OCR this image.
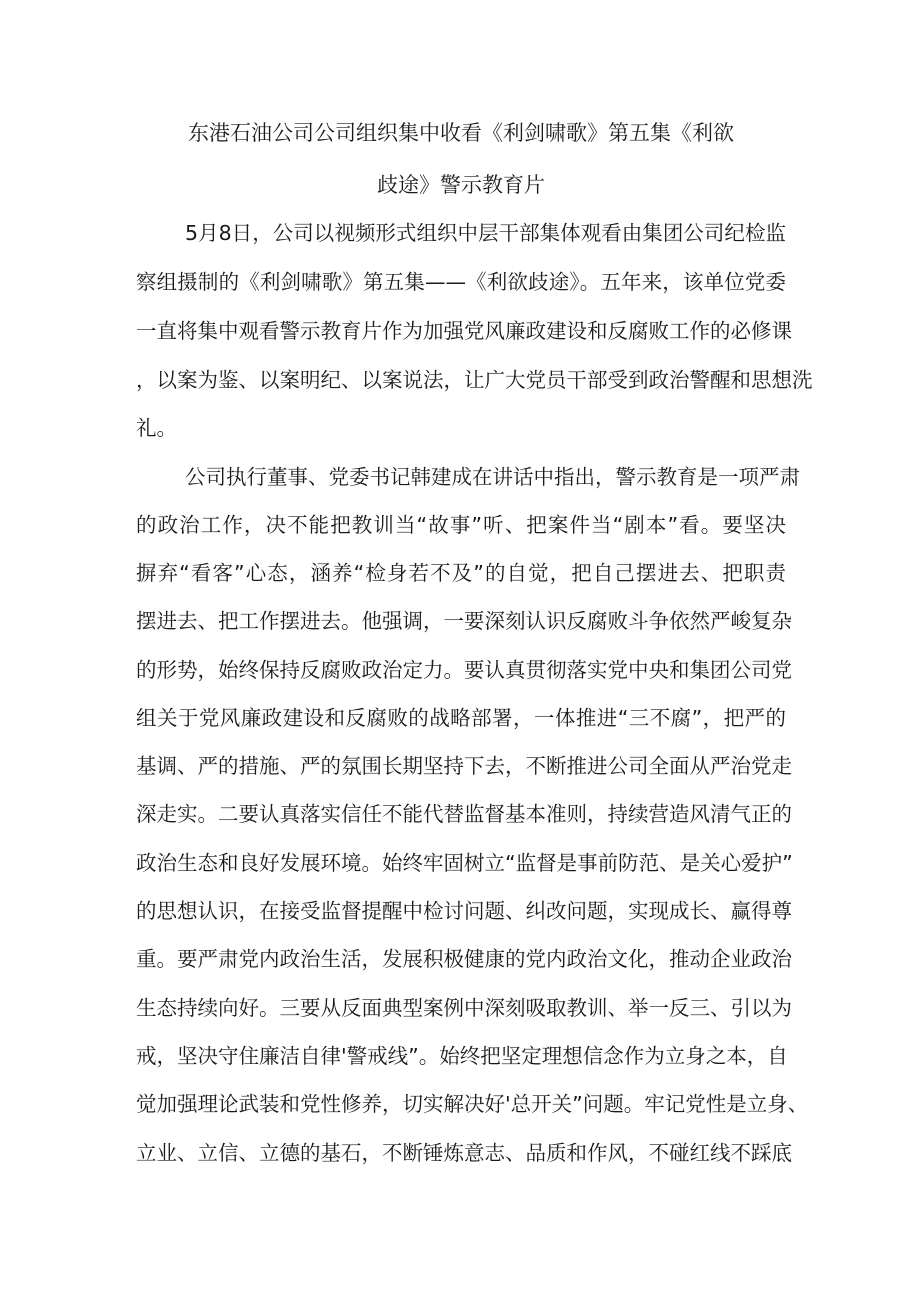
东港石油公司公司组织集中收看《利剑啸歌》第五集《利欲
歧途》警示教育片

5月8日，公司以视频形式组织中层干部集体观看由集团公司纪检监

察组摄制的《利剑啸歌》第五集——《利欲歧途》。五年来，该单位党委

一直将集中观看警示教育片作为加强党风廉政建设和反腐败工作的必修课

，以案为鉴、以案明纪、以案说法，让广大党员干部受到政治警醒和思想洗

礼。

公司执行董事、党委书记韩建成在讲话中指出，警示教育是一项严肃

的政治工作，决不能把教训当“故事”听、把案件当“剧本”看。要坚决

摒弃“看客”心态，涵养“检身若不及”的自觉，把自己摆进去、把职责

摆进去、把工作摆进去。他强调，一要深刻认识反腐败斗争依然严峻复杂

的形势，始终保持反腐败政治定力。要认真贯彻落实党中央和集团公司党

组关于党风廉政建设和反腐败的战略部署，一体推进“三不腐”，把严的

基调、严的措施、严的氛围长期坚持下去，不断推进公司全面从严治党走

深走实。二要认真落实信任不能代替监督基本准则，持续营造风清气正的

政治生态和良好发展环境。始终牢固树立“监督是事前防范、是关心爱护”

的思想认识，在接受监督提醒中检讨问题、纠改问题，实现成长、赢得尊

重。要严肃党内政治生活，发展积极健康的党内政治文化，推动企业政治

生态持续向好。三要从反面典型案例中深刻吸取教训、举一反三、引以为

戒，坚决守住廉洁自律'警戒线”。始终把坚定理想信念作为立身之本，自

觉加强理论武装和党性修养，切实解决好'总开关”问题。牢记党性是立身、

立业、立信、立德的基石，不断锤炼意志、品质和作风，不碰红线不踩底
